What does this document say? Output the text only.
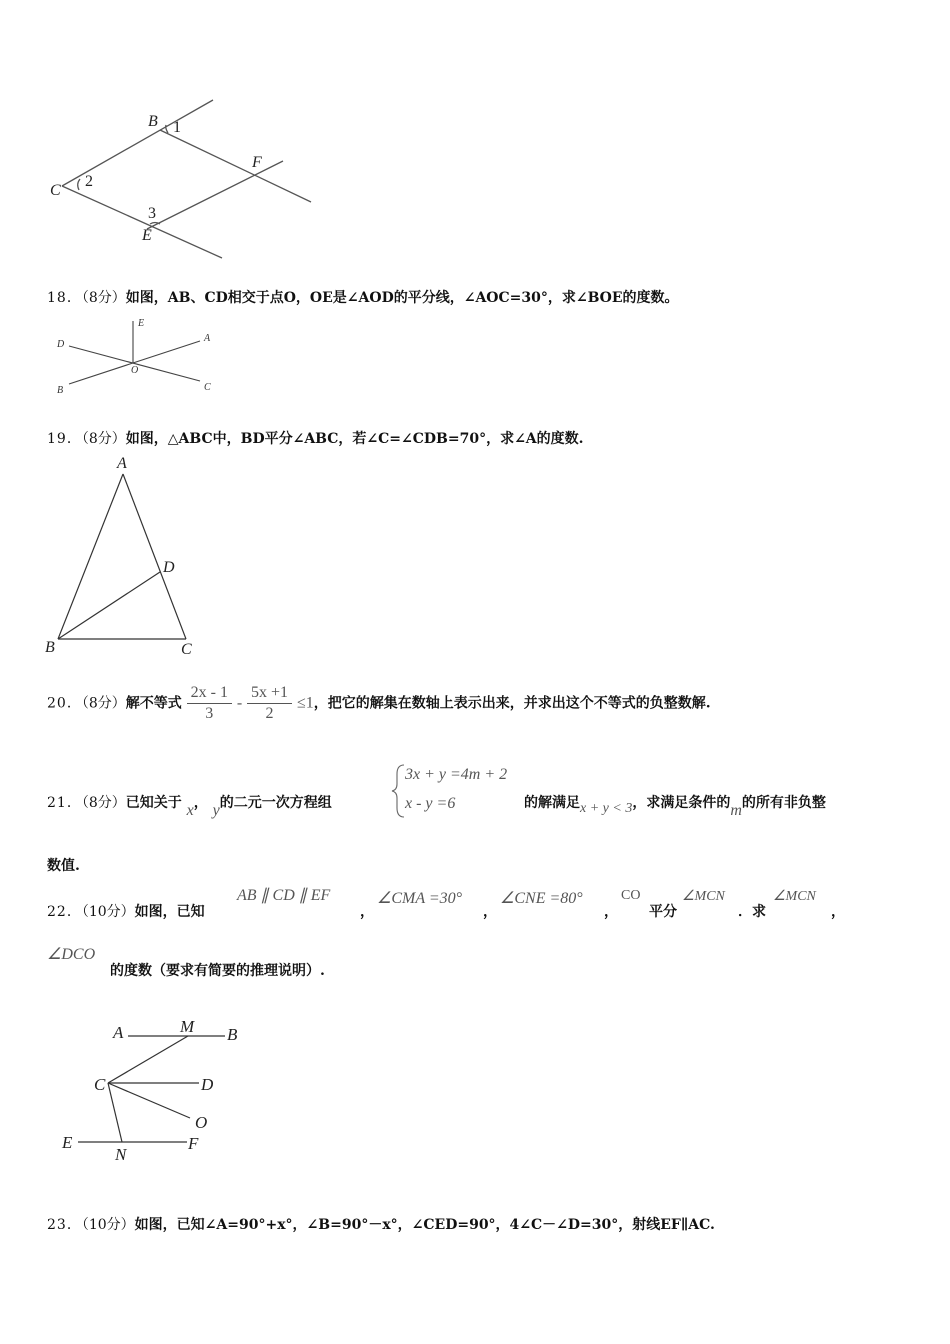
B 1
F
C
2
3
E
18．（8分）如图，AB、CD相交于点O，OE是∠AOD的平分线，∠AOC=30°，求∠BOE的度数。
E
A
D
O
B	C
19．（8分）如图，△ABC中，BD平分∠ABC，若∠C=∠CDB=70°，求∠A的度数.
A
D
B	C
20．（8分）解不等式 $\frac{2x - 1}{3} - \frac{5x +1}{2} \le 1$，把它的解集在数轴上表示出来，并求出这个不等式的负整数解.
21．（8分）已知关于 x， y的二元一次方程组
3x + y =4m + 2
x - y =6	的解满足x + y < 3，求满足条件的m的所有非负整
数值.
22．（10分）如图，已知
AB ∥ CD ∥ EF
，
∠CMA =30°
，
∠CNE =80°
，
CO
平分
∠MCN
．求
∠MCN
，
∠DCO
的度数（要求有简要的推理说明）.
A	M B
C	D
O
E
N
F
23．（10分）如图，已知∠A=90°+x°，∠B=90°－x°，∠CED=90°，4∠C－∠D=30°，射线EF∥AC.
